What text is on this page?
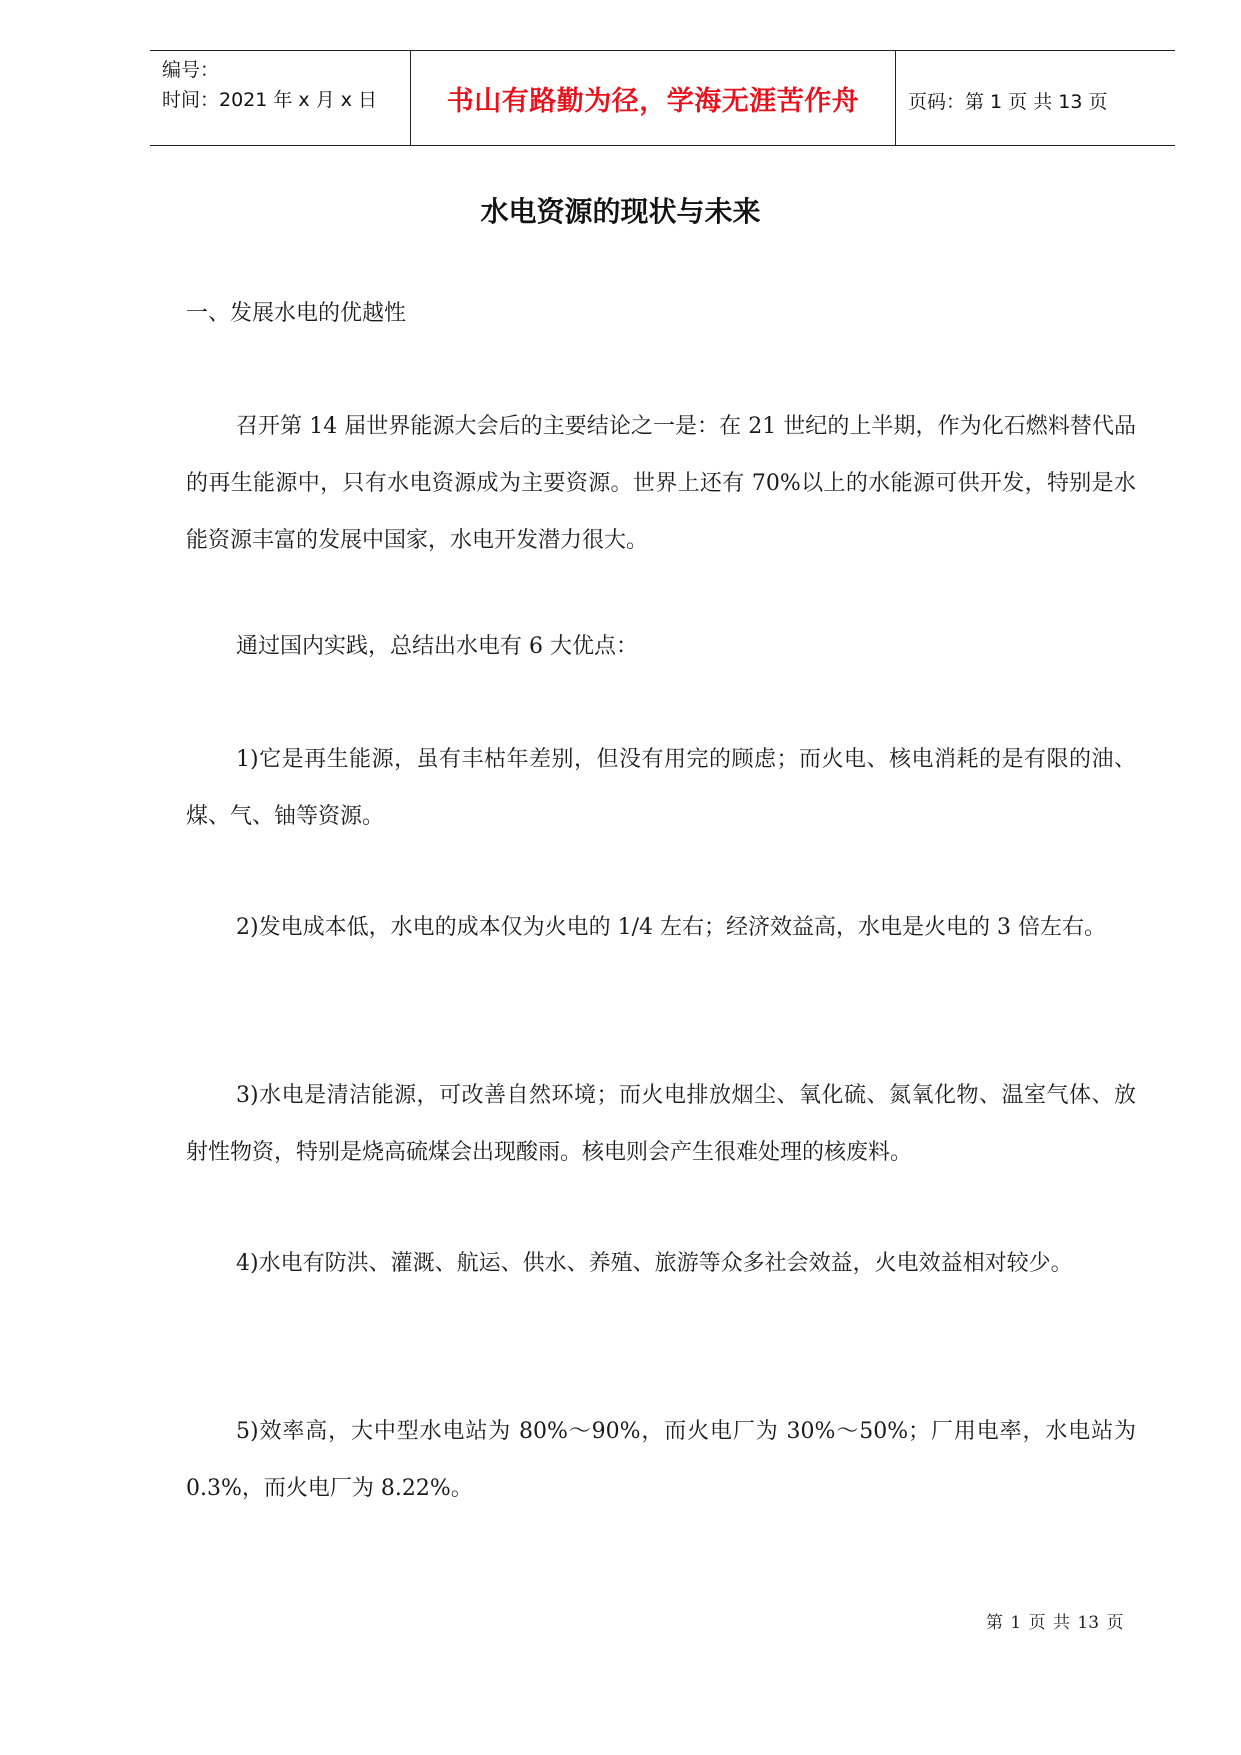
编号：
时间：2021 年 x 月 x 日	书山有路勤为径，学海无涯苦作舟	页码：第 1 页 共 13 页
水电资源的现状与未来
一、发展水电的优越性
召开第 14 届世界能源大会后的主要结论之一是：在 21 世纪的上半期，作为化石燃料替代品的再生能源中，只有水电资源成为主要资源。世界上还有 70%以上的水能源可供开发，特别是水能资源丰富的发展中国家，水电开发潜力很大。
通过国内实践，总结出水电有 6 大优点：
1)它是再生能源，虽有丰枯年差别，但没有用完的顾虑；而火电、核电消耗的是有限的油、煤、气、铀等资源。
2)发电成本低，水电的成本仅为火电的 1/4 左右；经济效益高，水电是火电的 3 倍左右。
3)水电是清洁能源，可改善自然环境；而火电排放烟尘、氧化硫、氮氧化物、温室气体、放射性物资，特别是烧高硫煤会出现酸雨。核电则会产生很难处理的核废料。
4)水电有防洪、灌溉、航运、供水、养殖、旅游等众多社会效益，火电效益相对较少。
5)效率高，大中型水电站为 80%～90%，而火电厂为 30%～50%；厂用电率，水电站为 0.3%，而火电厂为 8.22%。
第 1 页 共 13 页
